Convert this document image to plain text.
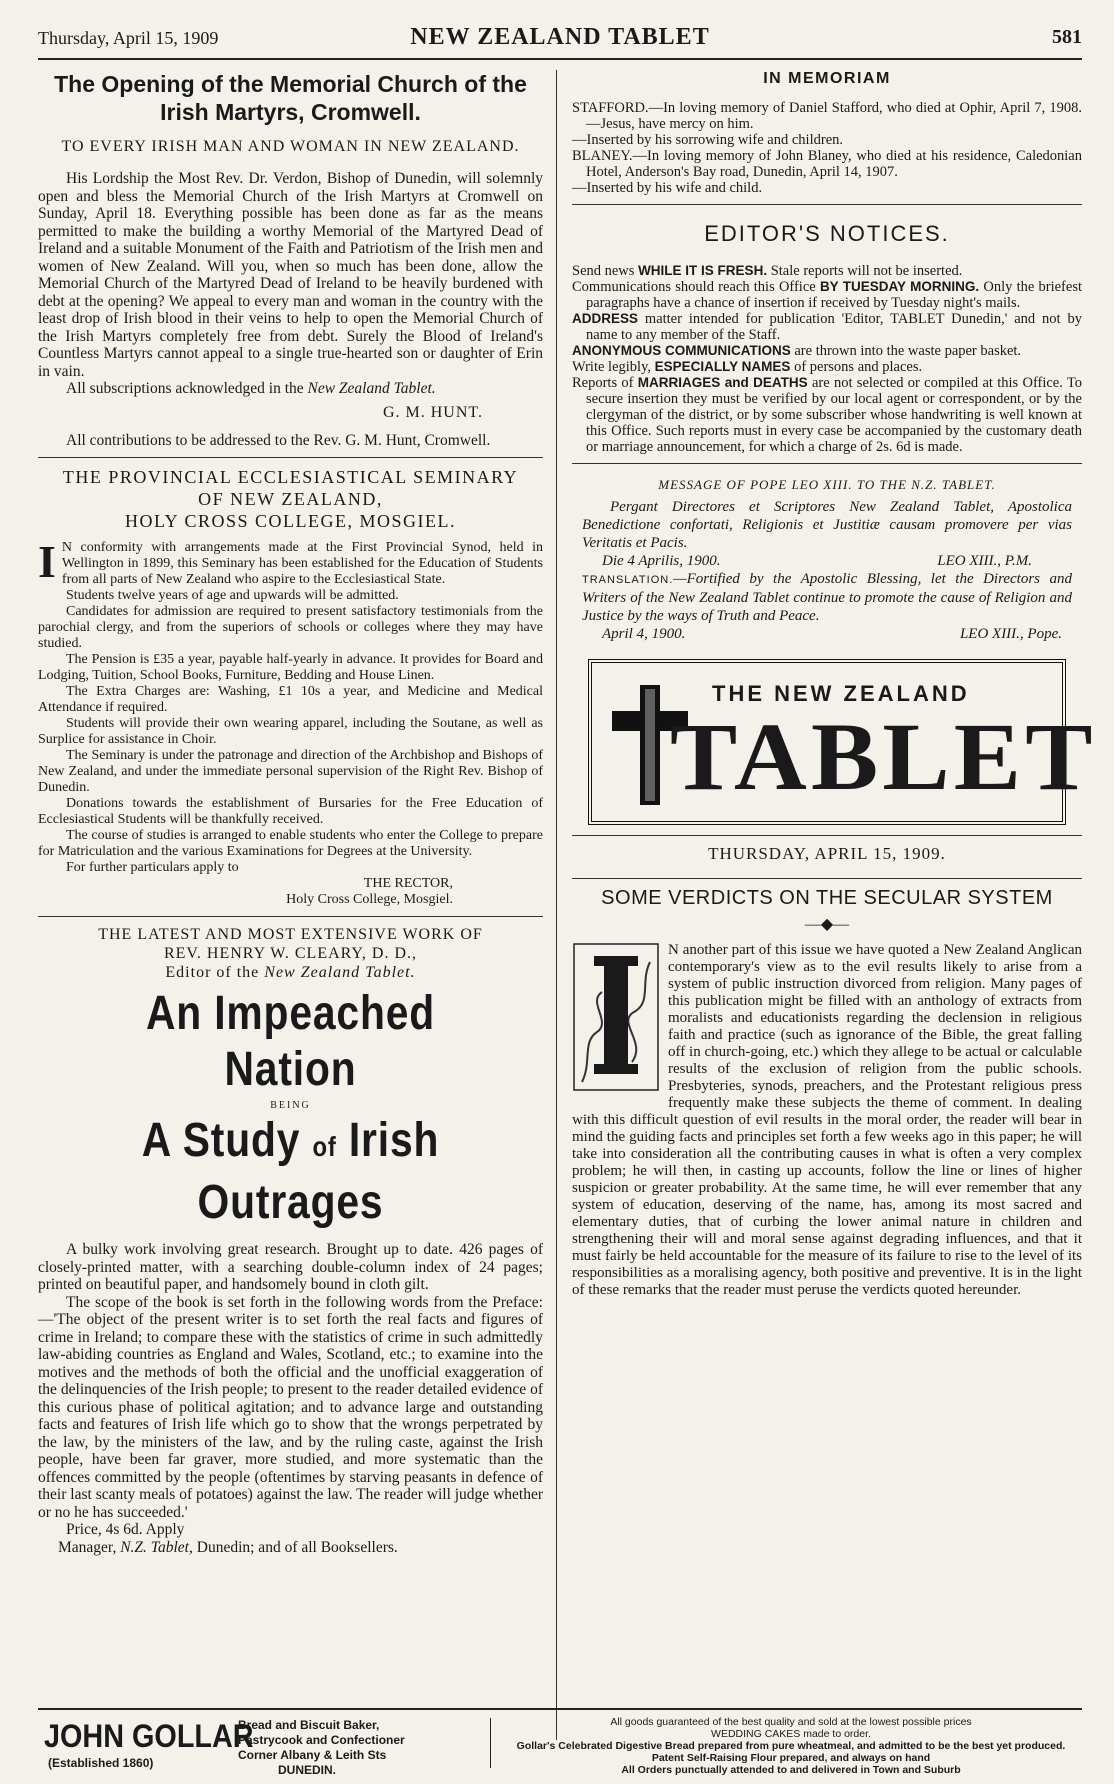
Thursday, April 15, 1909	NEW ZEALAND TABLET	581
The Opening of the Memorial Church of the Irish Martyrs, Cromwell.
TO EVERY IRISH MAN AND WOMAN IN NEW ZEALAND.

His Lordship the Most Rev. Dr. Verdon, Bishop of Dunedin, will solemnly open and bless the Memorial Church of the Irish Martyrs at Cromwell on Sunday, April 18. Everything possible has been done as far as the means permitted to make the building a worthy Memorial of the Martyred Dead of Ireland and a suitable Monument of the Faith and Patriotism of the Irish men and women of New Zealand. Will you, when so much has been done, allow the Memorial Church of the Martyred Dead of Ireland to be heavily burdened with debt at the opening? We appeal to every man and woman in the country with the least drop of Irish blood in their veins to help to open the Memorial Church of the Irish Martyrs completely free from debt. Surely the Blood of Ireland's Countless Martyrs cannot appeal to a single true-hearted son or daughter of Erin in vain.

All subscriptions acknowledged in the New Zealand Tablet.

G. M. HUNT.

All contributions to be addressed to the Rev. G. M. Hunt, Cromwell.

THE PROVINCIAL ECCLESIASTICAL SEMINARY
OF NEW ZEALAND,
HOLY CROSS COLLEGE, MOSGIEL.

I N conformity with arrangements made at the First Provincial Synod, held in Wellington in 1899, this Seminary has been established for the Education of Students from all parts of New Zealand who aspire to the Ecclesiastical State.

Students twelve years of age and upwards will be admitted.

Candidates for admission are required to present satisfactory testimonials from the parochial clergy, and from the superiors of schools or colleges where they may have studied.

The Pension is £35 a year, payable half-yearly in advance. It provides for Board and Lodging, Tuition, School Books, Furniture, Bedding and House Linen.

The Extra Charges are: Washing, £1 10s a year, and Medicine and Medical Attendance if required.

Students will provide their own wearing apparel, including the Soutane, as well as Surplice for assistance in Choir.

The Seminary is under the patronage and direction of the Archbishop and Bishops of New Zealand, and under the immediate personal supervision of the Right Rev. Bishop of Dunedin.

Donations towards the establishment of Bursaries for the Free Education of Ecclesiastical Students will be thankfully received.

The course of studies is arranged to enable students who enter the College to prepare for Matriculation and the various Examinations for Degrees at the University.

For further particulars apply to

THE RECTOR,
Holy Cross College, Mosgiel.
THE LATEST AND MOST EXTENSIVE WORK OF
REV. HENRY W. CLEARY, D. D.,
Editor of the New Zealand Tablet.
An Impeached Nation
BEING
A Study of Irish Outrages

A bulky work involving great research. Brought up to date. 426 pages of closely-printed matter, with a searching double-column index of 24 pages; printed on beautiful paper, and handsomely bound in cloth gilt.

The scope of the book is set forth in the following words from the Preface:—'The object of the present writer is to set forth the real facts and figures of crime in Ireland; to compare these with the statistics of crime in such admittedly law-abiding countries as England and Wales, Scotland, etc.; to examine into the motives and the methods of both the official and the unofficial exaggeration of the delinquencies of the Irish people; to present to the reader detailed evidence of this curious phase of political agitation; and to advance large and outstanding facts and features of Irish life which go to show that the wrongs perpetrated by the law, by the ministers of the law, and by the ruling caste, against the Irish people, have been far graver, more studied, and more systematic than the offences committed by the people (oftentimes by starving peasants in defence of their last scanty meals of potatoes) against the law. The reader will judge whether or no he has succeeded.'

Price, 4s 6d. Apply

Manager, N.Z. Tablet, Dunedin; and of all Booksellers.

IN MEMORIAM

STAFFORD.—In loving memory of Daniel Stafford, who died at Ophir, April 7, 1908.—Jesus, have mercy on him.

—Inserted by his sorrowing wife and children.

BLANEY.—In loving memory of John Blaney, who died at his residence, Caledonian Hotel, Anderson's Bay road, Dunedin, April 14, 1907.

—Inserted by his wife and child.

EDITOR'S NOTICES.

Send news WHILE IT IS FRESH. Stale reports will not be inserted.

Communications should reach this Office BY TUESDAY MORNING. Only the briefest paragraphs have a chance of insertion if received by Tuesday night's mails.

ADDRESS matter intended for publication 'Editor, TABLET Dunedin,' and not by name to any member of the Staff.

ANONYMOUS COMMUNICATIONS are thrown into the waste paper basket.

Write legibly, ESPECIALLY NAMES of persons and places.

Reports of MARRIAGES and DEATHS are not selected or compiled at this Office. To secure insertion they must be verified by our local agent or correspondent, or by the clergyman of the district, or by some subscriber whose handwriting is well known at this Office. Such reports must in every case be accompanied by the customary death or marriage announcement, for which a charge of 2s. 6d is made.

MESSAGE OF POPE LEO XIII. TO THE N.Z. TABLET.

Pergant Directores et Scriptores New Zealand Tablet, Apostolica Benedictione confortati, Religionis et Justitiæ causam promovere per vias Veritatis et Pacis.

Die 4 Aprilis, 1900.	LEO XIII., P.M.

TRANSLATION.—Fortified by the Apostolic Blessing, let the Directors and Writers of the New Zealand Tablet continue to promote the cause of Religion and Justice by the ways of Truth and Peace.

April 4, 1900.	LEO XIII., Pope.
THE NEW ZEALAND
TABLET
THURSDAY, APRIL 15, 1909.
SOME VERDICTS ON THE SECULAR SYSTEM
—◆—

N another part of this issue we have quoted a New Zealand Anglican contemporary's view as to the evil results likely to arise from a system of public instruction divorced from religion. Many pages of this publication might be filled with an anthology of extracts from moralists and educationists regarding the declension in religious faith and practice (such as ignorance of the Bible, the great falling off in church-going, etc.) which they allege to be actual or calculable results of the exclusion of religion from the public schools. Presbyteries, synods, preachers, and the Protestant religious press frequently make these subjects the theme of comment. In dealing with this difficult question of evil results in the moral order, the reader will bear in mind the guiding facts and principles set forth a few weeks ago in this paper; he will take into consideration all the contributing causes in what is often a very complex problem; he will then, in casting up accounts, follow the line or lines of higher suspicion or greater probability. At the same time, he will ever remember that any system of education, deserving of the name, has, among its most sacred and elementary duties, that of curbing the lower animal nature in children and strengthening their will and moral sense against degrading influences, and that it must fairly be held accountable for the measure of its failure to rise to the level of its responsibilities as a moralising agency, both positive and preventive. It is in the light of these remarks that the reader must peruse the verdicts quoted hereunder.

JOHN GOLLAR
(Established 1860)
Bread and Biscuit Baker,
Pastrycook and Confectioner
Corner Albany & Leith Sts
DUNEDIN.
All goods guaranteed of the best quality and sold at the lowest possible prices
WEDDING CAKES made to order.
Gollar's Celebrated Digestive Bread prepared from pure wheatmeal, and admitted to be the best yet produced. Patent Self-Raising Flour prepared, and always on hand
All Orders punctually attended to and delivered in Town and Suburb
